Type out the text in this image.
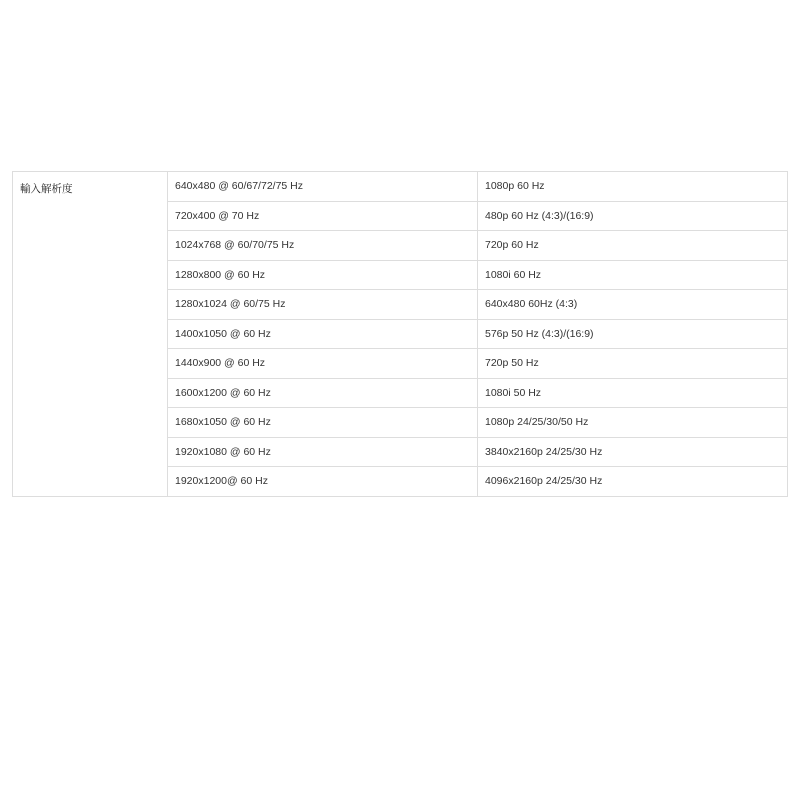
輸入解析度	640x480 @ 60/67/72/75 Hz	1080p 60 Hz
	720x400 @ 70 Hz	480p 60 Hz (4:3)/(16:9)
	1024x768 @ 60/70/75 Hz	720p 60 Hz
	1280x800 @ 60 Hz	1080i 60 Hz
	1280x1024 @ 60/75 Hz	640x480 60Hz (4:3)
	1400x1050 @ 60 Hz	576p 50 Hz (4:3)/(16:9)
	1440x900 @ 60 Hz	720p 50 Hz
	1600x1200 @ 60 Hz	1080i 50 Hz
	1680x1050 @ 60 Hz	1080p 24/25/30/50 Hz
	1920x1080 @ 60 Hz	3840x2160p 24/25/30 Hz
	1920x1200@ 60 Hz	4096x2160p 24/25/30 Hz
